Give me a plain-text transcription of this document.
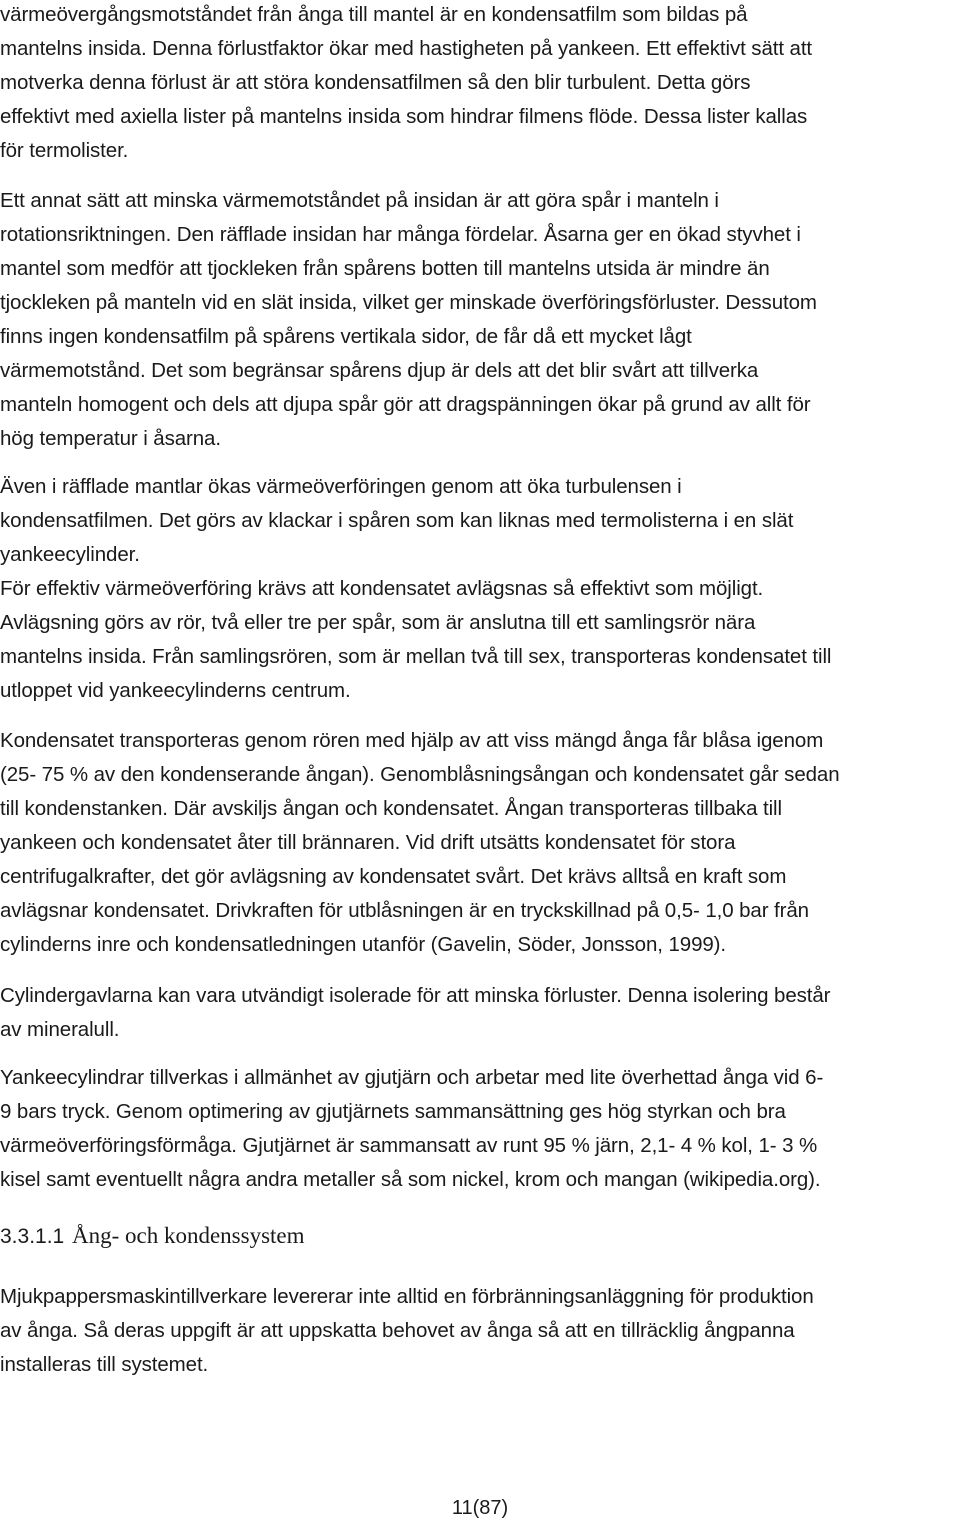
värmeövergångsmotståndet från ånga till mantel är en kondensatfilm som bildas på
mantelns insida. Denna förlustfaktor ökar med hastigheten på yankeen. Ett effektivt sätt att
motverka denna förlust är att störa kondensatfilmen så den blir turbulent. Detta görs
effektivt med axiella lister på mantelns insida som hindrar filmens flöde. Dessa lister kallas
för termolister.
Ett annat sätt att minska värmemotståndet på insidan är att göra spår i manteln i
rotationsriktningen. Den räfflade insidan har många fördelar. Åsarna ger en ökad styvhet i
mantel som medför att tjockleken från spårens botten till mantelns utsida är mindre än
tjockleken på manteln vid en slät insida, vilket ger minskade överföringsförluster. Dessutom
finns ingen kondensatfilm på spårens vertikala sidor, de får då ett mycket lågt
värmemotstånd. Det som begränsar spårens djup är dels att det blir svårt att tillverka
manteln homogent och dels att djupa spår gör att dragspänningen ökar på grund av allt för
hög temperatur i åsarna.
Även i räfflade mantlar ökas värmeöverföringen genom att öka turbulensen i
kondensatfilmen. Det görs av klackar i spåren som kan liknas med termolisterna i en slät
yankeecylinder.
För effektiv värmeöverföring krävs att kondensatet avlägsnas så effektivt som möjligt.
Avlägsning görs av rör, två eller tre per spår, som är anslutna till ett samlingsrör nära
mantelns insida. Från samlingsrören, som är mellan två till sex, transporteras kondensatet till
utloppet vid yankeecylinderns centrum.
Kondensatet transporteras genom rören med hjälp av att viss mängd ånga får blåsa igenom
(25- 75 % av den kondenserande ångan). Genomblåsningsångan och kondensatet går sedan
till kondenstanken. Där avskiljs ångan och kondensatet. Ångan transporteras tillbaka till
yankeen och kondensatet åter till brännaren. Vid drift utsätts kondensatet för stora
centrifugalkrafter, det gör avlägsning av kondensatet svårt. Det krävs alltså en kraft som
avlägsnar kondensatet. Drivkraften för utblåsningen är en tryckskillnad på 0,5- 1,0 bar från
cylinderns inre och kondensatledningen utanför (Gavelin, Söder, Jonsson, 1999).
Cylindergavlarna kan vara utvändigt isolerade för att minska förluster. Denna isolering består
av mineralull.
Yankeecylindrar tillverkas i allmänhet av gjutjärn och arbetar med lite överhettad ånga vid 6-
9 bars tryck. Genom optimering av gjutjärnets sammansättning ges hög styrkan och bra
värmeöverföringsförmåga. Gjutjärnet är sammansatt av runt 95 % järn, 2,1- 4 % kol, 1- 3 %
kisel samt eventuellt några andra metaller så som nickel, krom och mangan (wikipedia.org).
3.3.1.1 Ång- och kondenssystem
Mjukpappersmaskintillverkare levererar inte alltid en förbränningsanläggning för produktion
av ånga. Så deras uppgift är att uppskatta behovet av ånga så att en tillräcklig ångpanna
installeras till systemet.
11(87)
